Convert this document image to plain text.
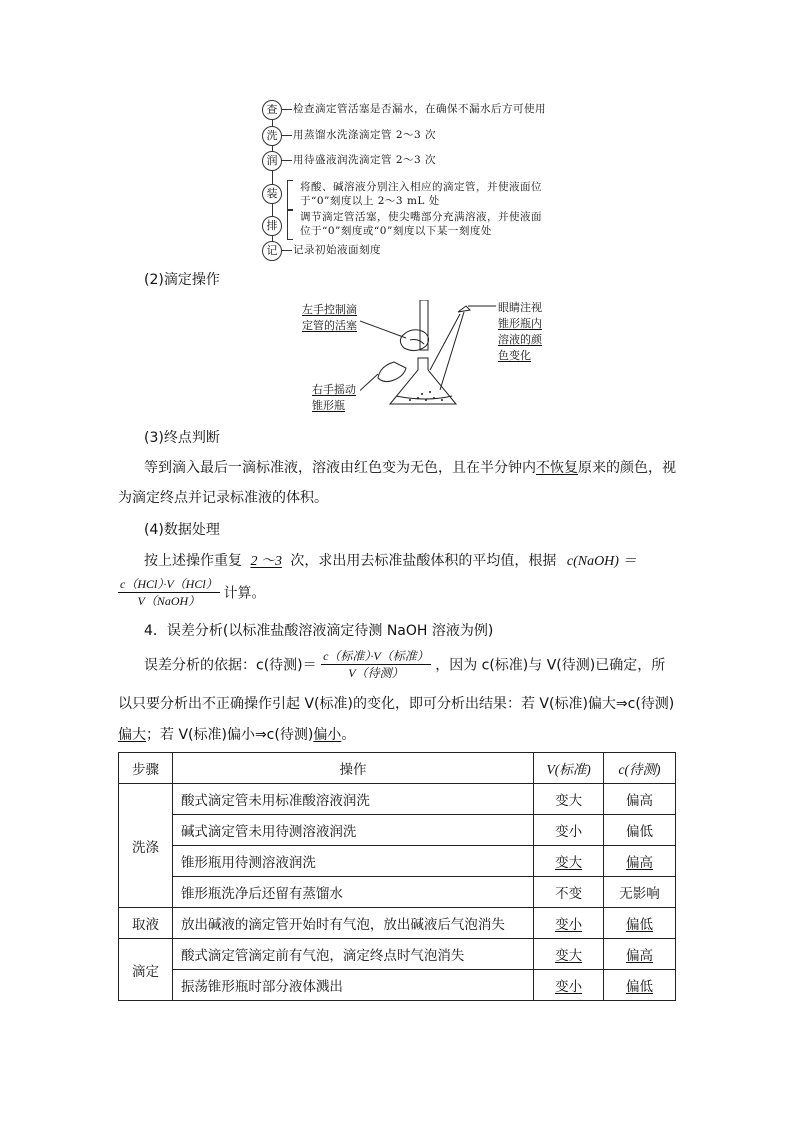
查	检查滴定管活塞是否漏水，在确保不漏水后方可使用
洗	用蒸馏水洗涤滴定管 2～3 次
润	用待盛液润洗滴定管 2～3 次
装	将酸、碱溶液分别注入相应的滴定管，并使液面位
于“0”刻度以上 2～3 mL 处
排
调节滴定管活塞，使尖嘴部分充满溶液，并使液面
位于“0”刻度或“0”刻度以下某一刻度处
记	记录初始液面刻度
(2)滴定操作
左手控制滴
定管的活塞
右手摇动
锥形瓶
眼睛注视
锥形瓶内
溶液的颜
色变化
(3)终点判断
等到滴入最后一滴标准液，溶液由红色变为无色，且在半分钟内不恢复原来的颜色，视
为滴定终点并记录标准液的体积。
(4)数据处理
按上述操作重复 2 ～3 次，求出用去标准盐酸体积的平均值，根据 c(NaOH) ＝
c（HCl）·V（HCl）
V（NaOH）	计算。
4．误差分析(以标准盐酸溶液滴定待测 NaOH 溶液为例)
误差分析的依据：c(待测)＝
c（标准）·V（标准）
V（待测）	，因为 c(标准)与 V(待测)已确定，所
以只要分析出不正确操作引起 V(标准)的变化，即可分析出结果：若 V(标准)偏大⇒c(待测)
偏大；若 V(标准)偏小⇒c(待测)偏小。
步骤	操作	V(标准)	c(待测)
洗涤	酸式滴定管未用标准酸溶液润洗	变大	偏高
	碱式滴定管未用待测溶液润洗	变小	偏低
	锥形瓶用待测溶液润洗	变大	偏高
	锥形瓶洗净后还留有蒸馏水	不变	无影响
取液	放出碱液的滴定管开始时有气泡，放出碱液后气泡消失	变小	偏低
滴定	酸式滴定管滴定前有气泡，滴定终点时气泡消失	变大	偏高
	振荡锥形瓶时部分液体溅出	变小	偏低
